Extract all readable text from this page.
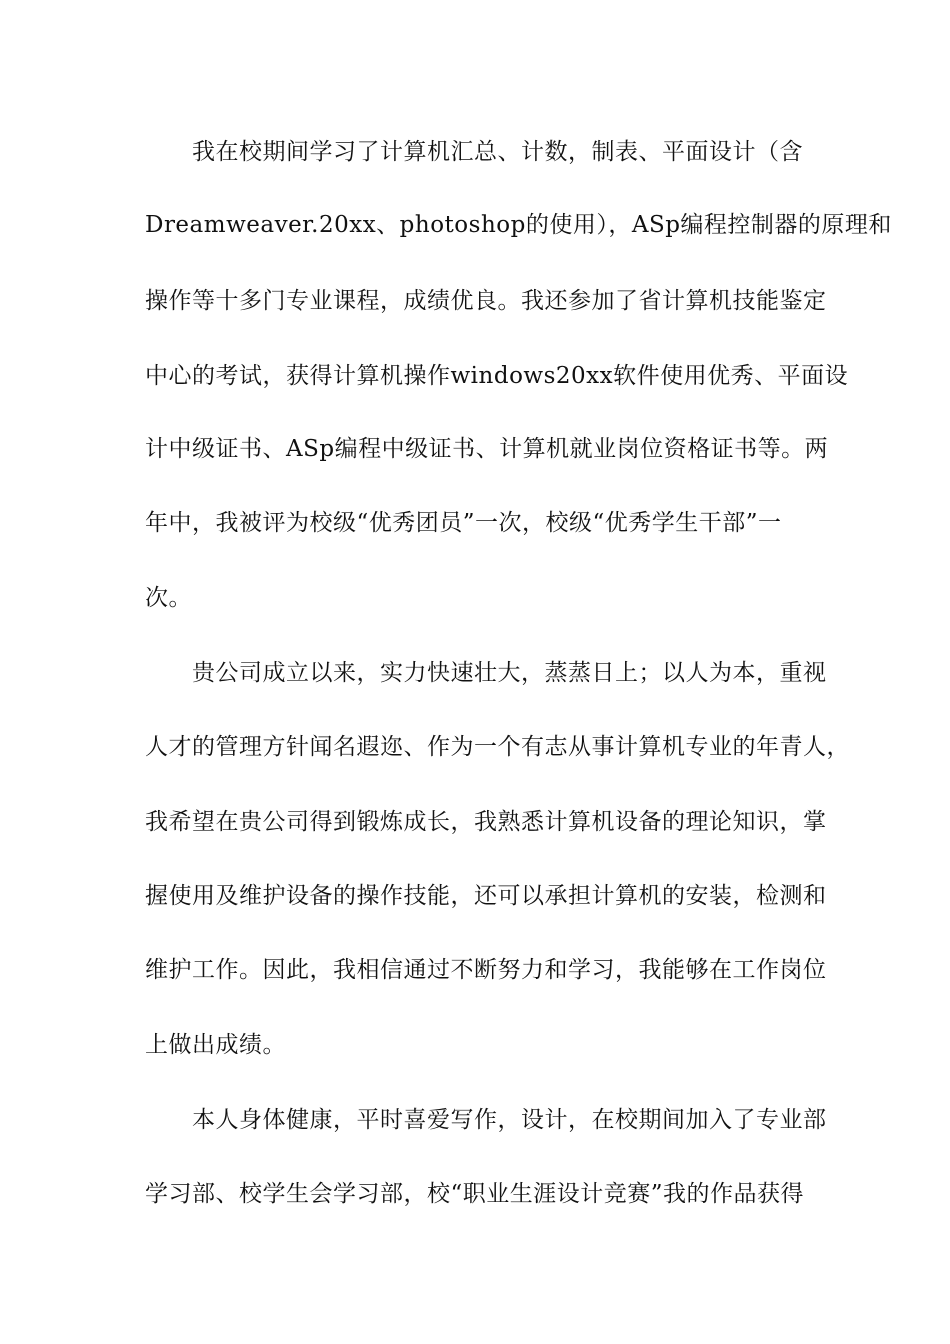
我在校期间学习了计算机汇总、计数，制表、平面设计（含
Dreamweaver.20xx、photoshop的使用），ASp编程控制器的原理和
操作等十多门专业课程，成绩优良。我还参加了省计算机技能鉴定
中心的考试，获得计算机操作windows20xx软件使用优秀、平面设
计中级证书、ASp编程中级证书、计算机就业岗位资格证书等。两
年中，我被评为校级“优秀团员”一次，校级“优秀学生干部”一
次。
贵公司成立以来，实力快速壮大，蒸蒸日上；以人为本，重视
人才的管理方针闻名遐迩、作为一个有志从事计算机专业的年青人，
我希望在贵公司得到锻炼成长，我熟悉计算机设备的理论知识，掌
握使用及维护设备的操作技能，还可以承担计算机的安装，检测和
维护工作。因此，我相信通过不断努力和学习，我能够在工作岗位
上做出成绩。
本人身体健康，平时喜爱写作，设计，在校期间加入了专业部
学习部、校学生会学习部，校“职业生涯设计竞赛”我的作品获得
